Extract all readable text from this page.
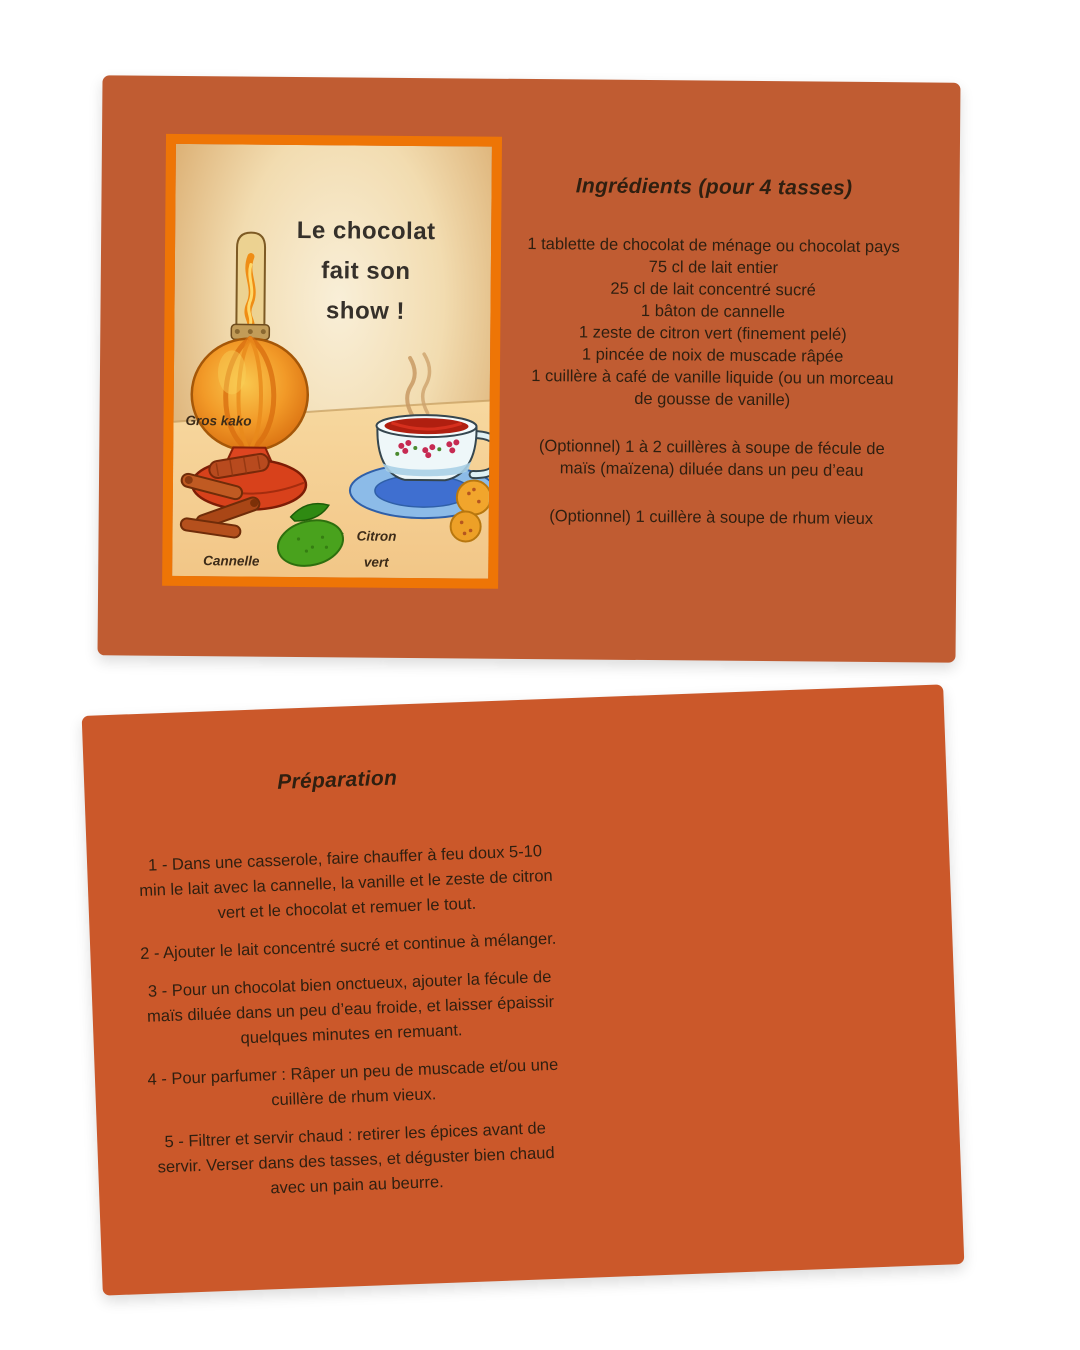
Le chocolat
fait son
show !
Gros kako
Cannelle
Citron vert
Ingrédients (pour 4 tasses)
1 tablette de chocolat de ménage ou chocolat pays
75 cl de lait entier
25 cl de lait concentré sucré
1 bâton de cannelle
1 zeste de citron vert (finement pelé)
1 pincée de noix de muscade râpée
1 cuillère à café de vanille liquide (ou un morceau de gousse de vanille)
(Optionnel) 1 à 2 cuillères à soupe de fécule de maïs (maïzena) diluée dans un peu d’eau
(Optionnel) 1 cuillère à soupe de rhum vieux
Préparation
1 - Dans une casserole, faire chauffer à feu doux 5-10 min le lait avec la cannelle, la vanille et le zeste de citron vert et le chocolat et remuer le tout.
2 - Ajouter le lait concentré sucré et continue à mélanger.
3 - Pour un chocolat bien onctueux, ajouter la fécule de maïs diluée dans un peu d’eau froide, et laisser épaissir quelques minutes en remuant.
4 - Pour parfumer : Râper un peu de muscade et/ou une cuillère de rhum vieux.
5 - Filtrer et servir chaud : retirer les épices avant de servir. Verser dans des tasses, et déguster bien chaud avec un pain au beurre.
